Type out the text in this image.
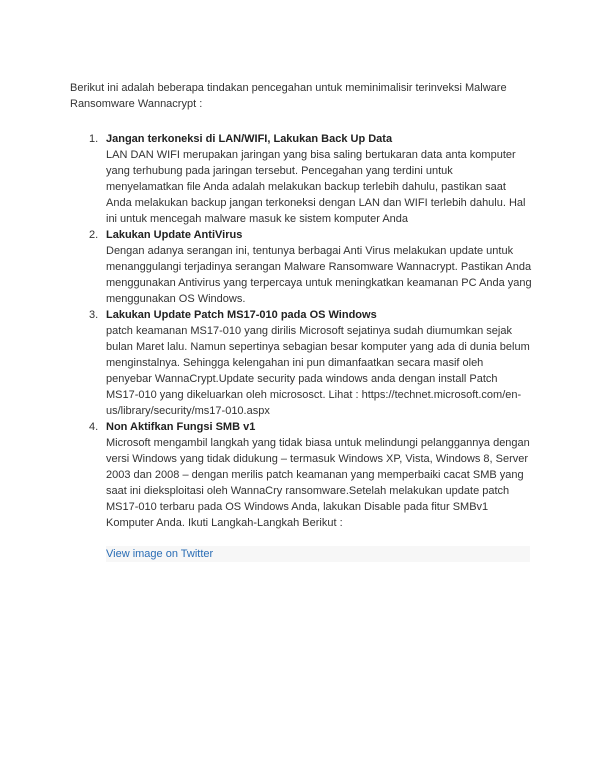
Berikut ini adalah beberapa tindakan pencegahan untuk meminimalisir terinveksi Malware Ransomware Wannacrypt :

1. Jangan terkoneksi di LAN/WIFI, Lakukan Back Up Data
LAN DAN WIFI merupakan jaringan yang bisa saling bertukaran data anta komputer yang terhubung pada jaringan tersebut. Pencegahan yang terdini untuk menyelamatkan file Anda adalah melakukan backup terlebih dahulu, pastikan saat Anda melakukan backup jangan terkoneksi dengan LAN dan WIFI terlebih dahulu. Hal ini untuk mencegah malware masuk ke sistem komputer Anda
2. Lakukan Update AntiVirus
Dengan adanya serangan ini, tentunya berbagai Anti Virus melakukan update untuk menanggulangi terjadinya serangan Malware Ransomware Wannacrypt. Pastikan Anda menggunakan Antivirus yang terpercaya untuk meningkatkan keamanan PC Anda yang menggunakan OS Windows.
3. Lakukan Update Patch MS17-010 pada OS Windows
patch keamanan MS17-010 yang dirilis Microsoft sejatinya sudah diumumkan sejak bulan Maret lalu. Namun sepertinya sebagian besar komputer yang ada di dunia belum menginstalnya. Sehingga kelengahan ini pun dimanfaatkan secara masif oleh penyebar WannaCrypt.Update security pada windows anda dengan install Patch MS17-010 yang dikeluarkan oleh micrososct. Lihat : https://technet.microsoft.com/en-us/library/security/ms17-010.aspx
4. Non Aktifkan Fungsi SMB v1
Microsoft mengambil langkah yang tidak biasa untuk melindungi pelanggannya dengan versi Windows yang tidak didukung – termasuk Windows XP, Vista, Windows 8, Server 2003 dan 2008 – dengan merilis patch keamanan yang memperbaiki cacat SMB yang saat ini dieksploitasi oleh WannaCry ransomware.Setelah melakukan update patch MS17-010 terbaru pada OS Windows Anda, lakukan Disable pada fitur SMBv1 Komputer Anda. Ikuti Langkah-Langkah Berikut :
View image on Twitter
